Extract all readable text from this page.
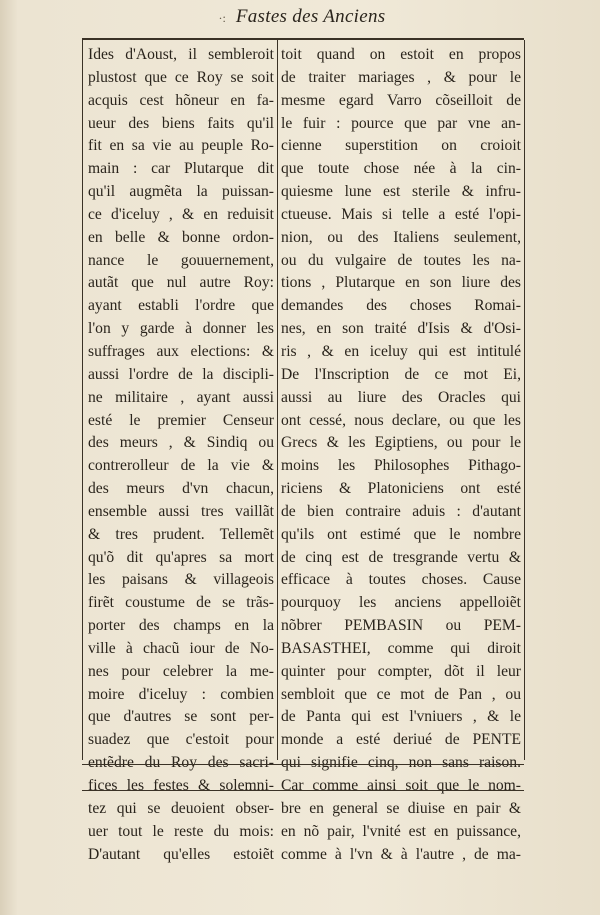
·: Fastes des Anciens
Ides d'Aoust, il sembleroit
plustost que ce Roy se soit
acquis cest hõneur en fa-
ueur des biens faits qu'il
fit en sa vie au peuple Ro-
main : car Plutarque dit
qu'il augmẽta la puissan-
ce d'iceluy , & en reduisit
en belle & bonne ordon-
nance le gouuernement,
autãt que nul autre Roy:
ayant establi l'ordre que
l'on y garde à donner les
suffrages aux elections: &
aussi l'ordre de la discipli-
ne militaire , ayant aussi
esté le premier Censeur
des meurs , & Sindiq ou
contrerolleur de la vie &
des meurs d'vn chacun,
ensemble aussi tres vaillãt
& tres prudent. Tellemẽt
qu'õ dit qu'apres sa mort
les paisans & villageois
firẽt coustume de se trãs-
porter des champs en la
ville à chacũ iour de No-
nes pour celebrer la me-
moire d'iceluy : combien
que d'autres se sont per-
suadez que c'estoit pour
entẽdre du Roy des sacri-
fices les festes & solemni-
tez qui se deuoient obser-
uer tout le reste du mois:
D'autant qu'elles estoiẽt
toit quand on estoit en propos
de traiter mariages , & pour le
mesme egard Varro cõseilloit de
le fuir : pource que par vne an-
cienne superstition on croioit
que toute chose née à la cin-
quiesme lune est sterile & infru-
ctueuse. Mais si telle a esté l'opi-
nion, ou des Italiens seulement,
ou du vulgaire de toutes les na-
tions , Plutarque en son liure des
demandes des choses Romai-
nes, en son traité d'Isis & d'Osi-
ris , & en iceluy qui est intitulé
De l'Inscription de ce mot Ei,
aussi au liure des Oracles qui
ont cessé, nous declare, ou que les
Grecs & les Egiptiens, ou pour le
moins les Philosophes Pithago-
riciens & Platoniciens ont esté
de bien contraire aduis : d'autant
qu'ils ont estimé que le nombre
de cinq est de tresgrande vertu &
efficace à toutes choses. Cause
pourquoy les anciens appelloiẽt
nõbrer PEMBASIN ou PEM-
BASASTHEI, comme qui diroit
quinter pour compter, dõt il leur
sembloit que ce mot de Pan , ou
de Panta qui est l'vniuers , & le
monde a esté deriué de PENTE
qui signifie cinq, non sans raison.
Car comme ainsi soit que le nom-
bre en general se diuise en pair &
en nõ pair, l'vnité est en puissance,
comme à l'vn & à l'autre , de ma-
